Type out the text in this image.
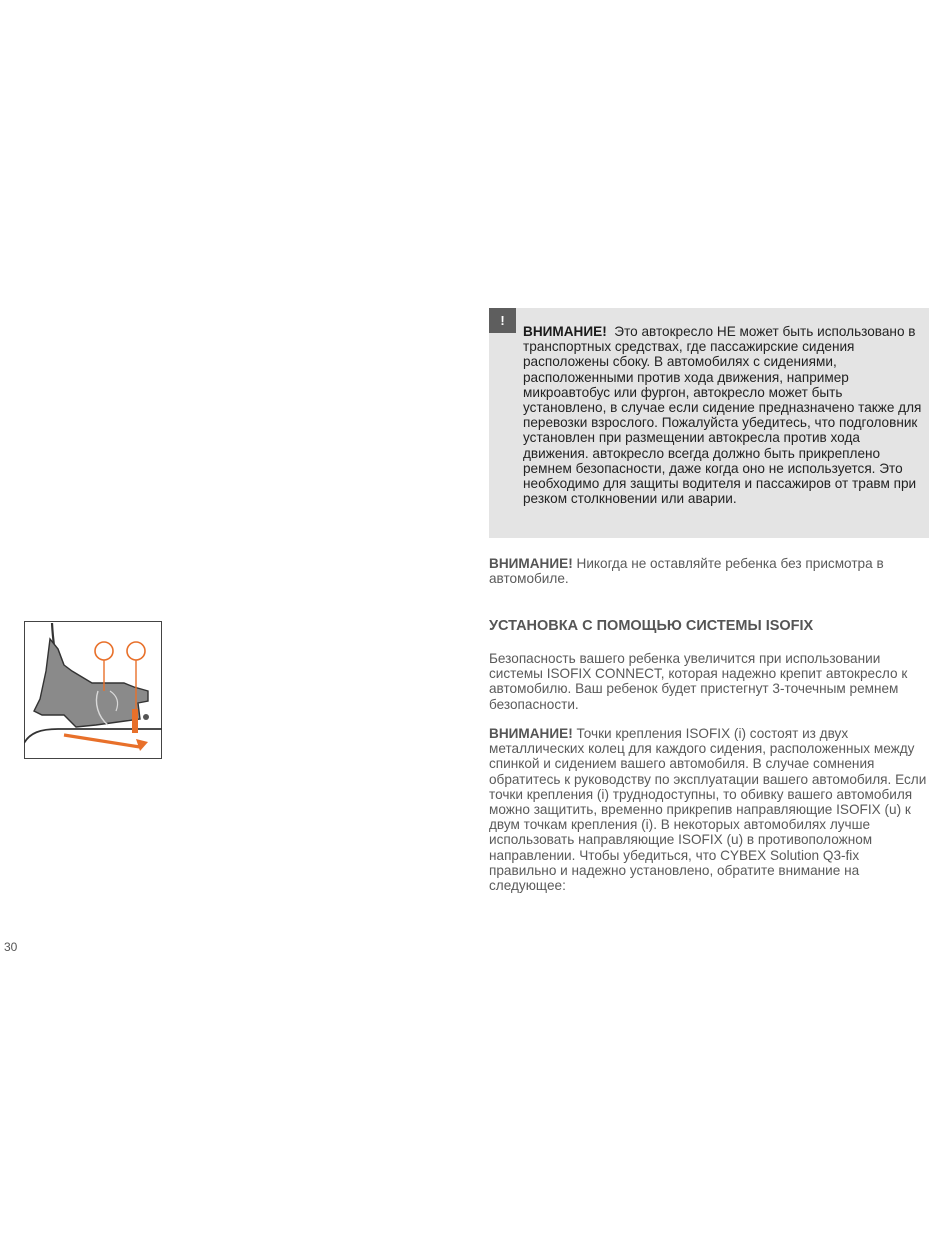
!
ВНИМАНИЕ! Это автокресло НЕ может быть использовано в транспортных средствах, где пассажирские сидения расположены сбоку. В автомобилях с сидениями, расположенными против хода движения, например микроавтобус или фургон, автокресло может быть установлено, в случае если сидение предназначено также для перевозки взрослого. Пожалуйста убедитесь, что подголовник установлен при размещении автокресла против хода движения. автокресло всегда должно быть прикреплено ремнем безопасности, даже когда оно не используется. Это необходимо для защиты водителя и пассажиров от травм при резком столкновении или аварии.
ВНИМАНИЕ! Никогда не оставляйте ребенка без присмотра в автомобиле.
УСТАНОВКА С ПОМОЩЬЮ СИСТЕМЫ ISOFIX
Безопасность вашего ребенка увеличится при использовании системы ISOFIX CONNECT, которая надежно крепит автокресло к автомобилю. Ваш ребенок будет пристегнут 3-точечным ремнем безопасности.
ВНИМАНИЕ! Точки крепления ISOFIX (i) состоят из двух металлических колец для каждого сидения, расположенных между спинкой и сидением вашего автомобиля. В случае сомнения обратитесь к руководству по эксплуатации вашего автомобиля. Если точки крепления (i) труднодоступны, то обивку вашего автомобиля можно защитить, временно прикрепив направляющие ISOFIX (u) к двум точкам крепления (i). В некоторых автомобилях лучше использовать направляющие ISOFIX (u) в противоположном направлении. Чтобы убедиться, что CYBEX Solution Q3-fix правильно и надежно установлено, обратите внимание на следующее:
30
